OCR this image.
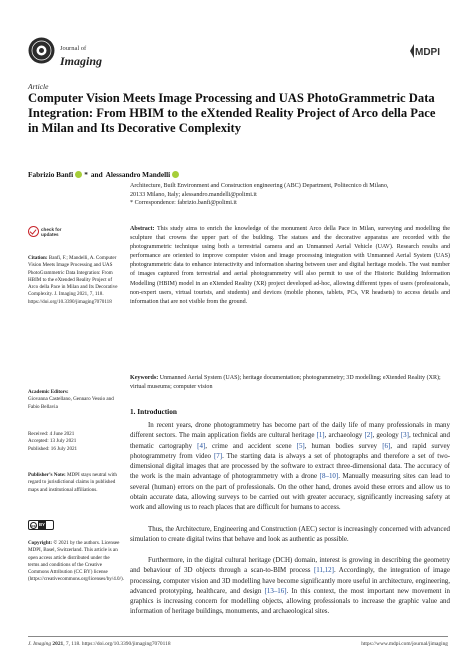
Journal of
Imaging
MDPI
Article
Computer Vision Meets Image Processing and UAS PhotoGrammetric Data Integration: From HBIM to the eXtended Reality Project of Arco della Pace in Milan and Its Decorative Complexity
Fabrizio Banfi * and Alessandro Mandelli
Architecture, Built Environment and Construction engineering (ABC) Department, Politecnico di Milano,
20133 Milano, Italy; alessandro.mandelli@polimi.it
* Correspondence: fabrizio.banfi@polimi.it
check for
updates

Citation: Banfi, F.; Mandelli, A. Computer Vision Meets Image Processing and UAS PhotoGrammetric Data Integration: From HBIM to the eXtended Reality Project of Arco della Pace in Milan and Its Decorative Complexity. J. Imaging 2021, 7, 118. https://doi.org/10.3390/jimaging7070118

Academic Editors:

Giovanna Castellano, Gennaro Vessio and Fabio Bellavia

Received: 4 June 2021

Accepted: 13 July 2021

Published: 16 July 2021

Publisher’s Note: MDPI stays neutral with regard to jurisdictional claims in published maps and institutional affiliations.

cc BY

Copyright: © 2021 by the authors. Licensee MDPI, Basel, Switzerland. This article is an open access article distributed under the terms and conditions of the Creative Commons Attribution (CC BY) license (https://creativecommons.org/licenses/by/4.0/).

Abstract: This study aims to enrich the knowledge of the monument Arco della Pace in Milan, surveying and modelling the sculpture that crowns the upper part of the building. The statues and the decorative apparatus are recorded with the photogrammetric technique using both a terrestrial camera and an Unmanned Aerial Vehicle (UAV). Research results and performance are oriented to improve computer vision and image processing integration with Unmanned Aerial System (UAS) photogrammetric data to enhance interactivity and information sharing between user and digital heritage models. The vast number of images captured from terrestrial and aerial photogrammetry will also permit to use of the Historic Building Information Modelling (HBIM) model in an eXtended Reality (XR) project developed ad-hoc, allowing different types of users (professionals, non-expert users, virtual tourists, and students) and devices (mobile phones, tablets, PCs, VR headsets) to access details and information that are not visible from the ground.
Keywords: Unmanned Aerial System (UAS); heritage documentation; photogrammetry; 3D modelling; eXtended Reality (XR); virtual museums; computer vision
1. Introduction
In recent years, drone photogrammetry has become part of the daily life of many professionals in many different sectors. The main application fields are cultural heritage [1], archaeology [2], geology [3], technical and thematic cartography [4], crime and accident scene [5], human bodies survey [6], and rapid survey photogrammetry from video [7]. The starting data is always a set of photographs and therefore a set of two-dimensional digital images that are processed by the software to extract three-dimensional data. The accuracy of the work is the main advantage of photogrammetry with a drone [8–10]. Manually measuring sites can lead to several (human) errors on the part of professionals. On the other hand, drones avoid these errors and allow us to obtain accurate data, allowing surveys to be carried out with greater accuracy, significantly increasing safety at work and allowing us to reach places that are difficult for humans to access.
Thus, the Architecture, Engineering and Construction (AEC) sector is increasingly concerned with advanced simulation to create digital twins that behave and look as authentic as possible.
Furthermore, in the digital cultural heritage (DCH) domain, interest is growing in describing the geometry and behaviour of 3D objects through a scan-to-BIM process [11,12]. Accordingly, the integration of image processing, computer vision and 3D modelling have become significantly more useful in architecture, engineering, advanced prototyping, healthcare, and design [13–16]. In this context, the most important new movement in graphics is increasing concern for modelling objects, allowing professionals to increase the graphic value and information of heritage buildings, monuments, and archaeological sites.
J. Imaging 2021, 7, 118. https://doi.org/10.3390/jimaging7070118	https://www.mdpi.com/journal/jimaging
